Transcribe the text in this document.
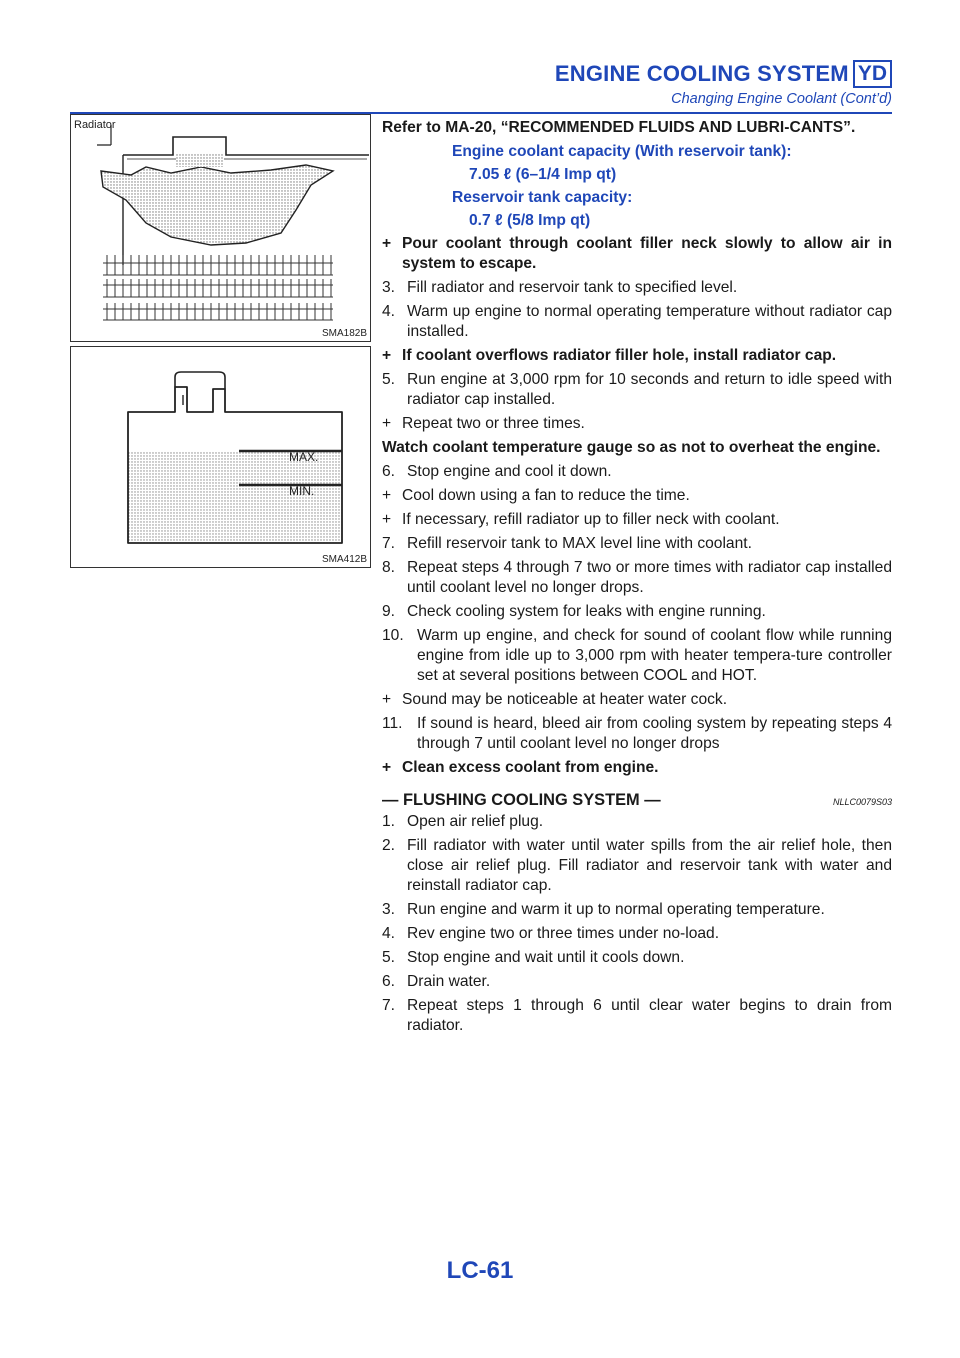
ENGINE COOLING SYSTEM YD
Changing Engine Coolant (Cont’d)
Radiator
SMA182B
MAX.
MIN.
SMA412B

Refer to MA-20, “RECOMMENDED FLUIDS AND LUBRI-CANTS”.

Engine coolant capacity (With reservoir tank):

7.05 ℓ (6–1/4 Imp qt)

Reservoir tank capacity:

0.7 ℓ (5/8 Imp qt)

+ Pour coolant through coolant filler neck slowly to allow air in system to escape.
3. Fill radiator and reservoir tank to specified level.
4. Warm up engine to normal operating temperature without radiator cap installed.
+ If coolant overflows radiator filler hole, install radiator cap.
5. Run engine at 3,000 rpm for 10 seconds and return to idle speed with radiator cap installed.
+ Repeat two or three times.

Watch coolant temperature gauge so as not to overheat the engine.

6. Stop engine and cool it down.
+ Cool down using a fan to reduce the time.
+ If necessary, refill radiator up to filler neck with coolant.
7. Refill reservoir tank to MAX level line with coolant.
8. Repeat steps 4 through 7 two or more times with radiator cap installed until coolant level no longer drops.
9. Check cooling system for leaks with engine running.
10. Warm up engine, and check for sound of coolant flow while running engine from idle up to 3,000 rpm with heater tempera-ture controller set at several positions between COOL and HOT.
+ Sound may be noticeable at heater water cock.
11. If sound is heard, bleed air from cooling system by repeating steps 4 through 7 until coolant level no longer drops
+ Clean excess coolant from engine.
— FLUSHING COOLING SYSTEM —	NLLC0079S03
1. Open air relief plug.
2. Fill radiator with water until water spills from the air relief hole, then close air relief plug. Fill radiator and reservoir tank with water and reinstall radiator cap.
3. Run engine and warm it up to normal operating temperature.
4. Rev engine two or three times under no-load.
5. Stop engine and wait until it cools down.
6. Drain water.
7. Repeat steps 1 through 6 until clear water begins to drain from radiator.
LC-61
